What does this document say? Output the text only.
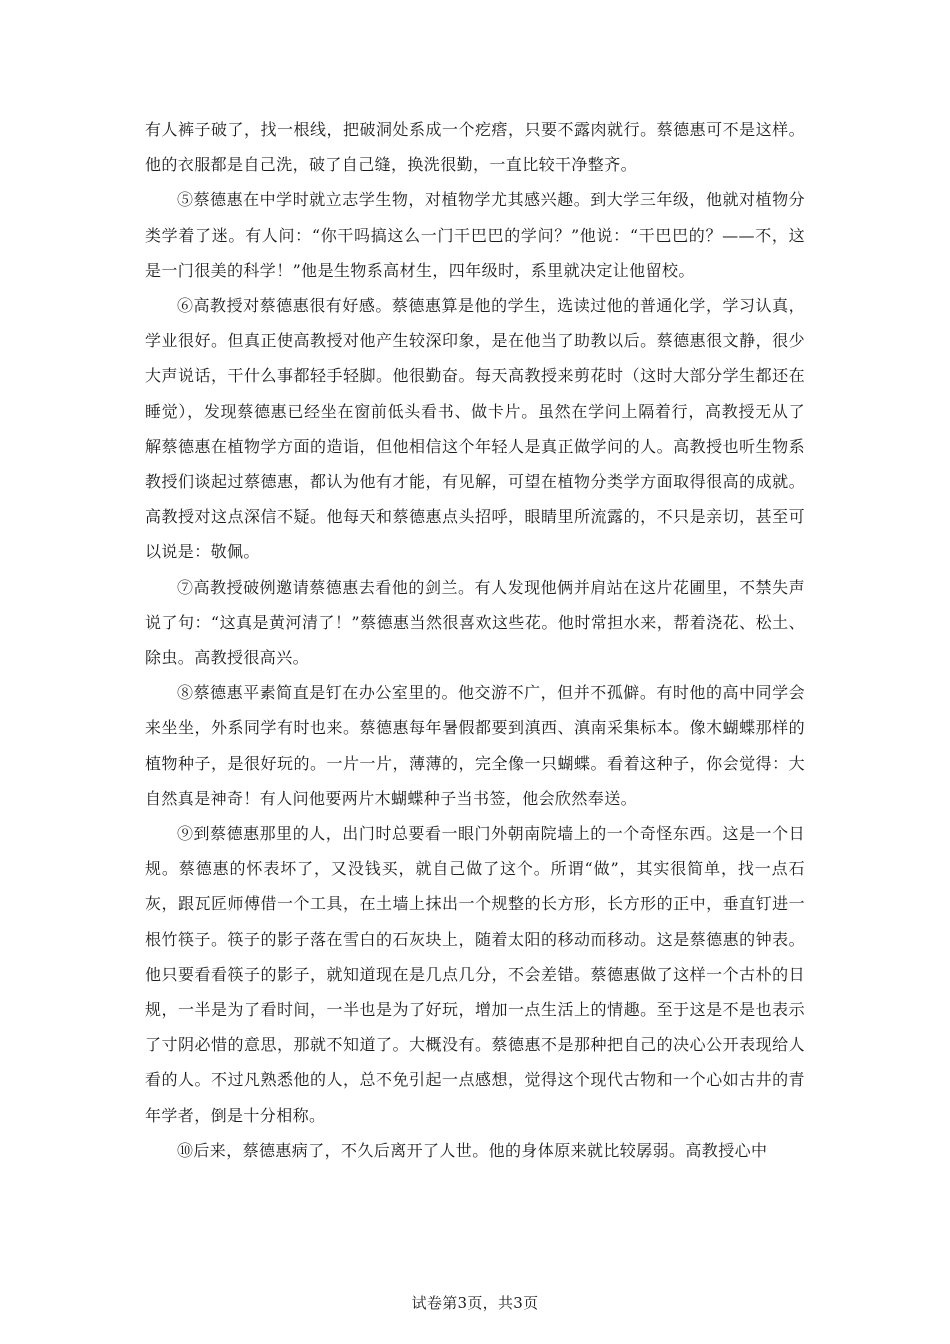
有人裤子破了，找一根线，把破洞处系成一个疙瘩，只要不露肉就行。蔡德惠可不是这样。他的衣服都是自己洗，破了自己缝，换洗很勤，一直比较干净整齐。

⑤蔡德惠在中学时就立志学生物，对植物学尤其感兴趣。到大学三年级，他就对植物分类学着了迷。有人问：“你干吗搞这么一门干巴巴的学问？”他说：“干巴巴的？——不，这是一门很美的科学！”他是生物系高材生，四年级时，系里就决定让他留校。

⑥高教授对蔡德惠很有好感。蔡德惠算是他的学生，选读过他的普通化学，学习认真，学业很好。但真正使高教授对他产生较深印象，是在他当了助教以后。蔡德惠很文静，很少大声说话，干什么事都轻手轻脚。他很勤奋。每天高教授来剪花时（这时大部分学生都还在睡觉），发现蔡德惠已经坐在窗前低头看书、做卡片。虽然在学问上隔着行，高教授无从了解蔡德惠在植物学方面的造诣，但他相信这个年轻人是真正做学问的人。高教授也听生物系教授们谈起过蔡德惠，都认为他有才能，有见解，可望在植物分类学方面取得很高的成就。高教授对这点深信不疑。他每天和蔡德惠点头招呼，眼睛里所流露的，不只是亲切，甚至可以说是：敬佩。

⑦高教授破例邀请蔡德惠去看他的剑兰。有人发现他俩并肩站在这片花圃里，不禁失声说了句：“这真是黄河清了！”蔡德惠当然很喜欢这些花。他时常担水来，帮着浇花、松土、除虫。高教授很高兴。

⑧蔡德惠平素简直是钉在办公室里的。他交游不广，但并不孤僻。有时他的高中同学会来坐坐，外系同学有时也来。蔡德惠每年暑假都要到滇西、滇南采集标本。像木蝴蝶那样的植物种子，是很好玩的。一片一片，薄薄的，完全像一只蝴蝶。看着这种子，你会觉得：大自然真是神奇！有人问他要两片木蝴蝶种子当书签，他会欣然奉送。

⑨到蔡德惠那里的人，出门时总要看一眼门外朝南院墙上的一个奇怪东西。这是一个日规。蔡德惠的怀表坏了，又没钱买，就自己做了这个。所谓“做”，其实很简单，找一点石灰，跟瓦匠师傅借一个工具，在土墙上抹出一个规整的长方形，长方形的正中，垂直钉进一根竹筷子。筷子的影子落在雪白的石灰块上，随着太阳的移动而移动。这是蔡德惠的钟表。他只要看看筷子的影子，就知道现在是几点几分，不会差错。蔡德惠做了这样一个古朴的日规，一半是为了看时间，一半也是为了好玩，增加一点生活上的情趣。至于这是不是也表示了寸阴必惜的意思，那就不知道了。大概没有。蔡德惠不是那种把自己的决心公开表现给人看的人。不过凡熟悉他的人，总不免引起一点感想，觉得这个现代古物和一个心如古井的青年学者，倒是十分相称。

⑩后来，蔡德惠病了，不久后离开了人世。他的身体原来就比较孱弱。高教授心中

试卷第3页，共3页
